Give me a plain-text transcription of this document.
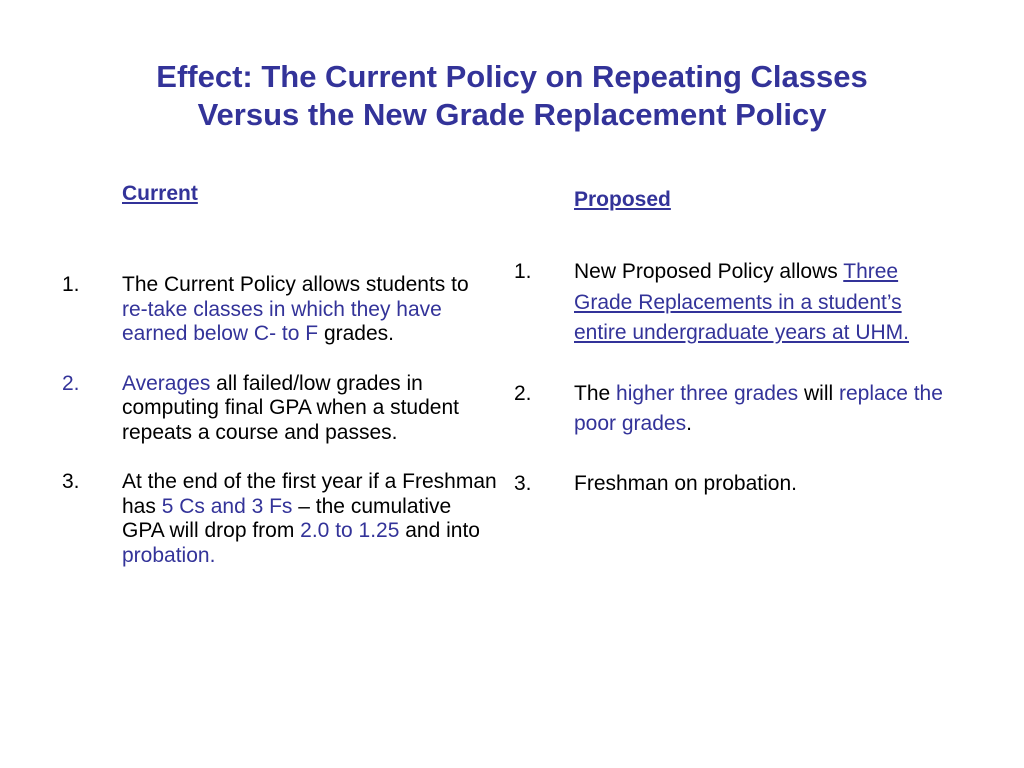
Effect: The Current Policy on Repeating Classes
Versus the New Grade Replacement Policy
Current
1. The Current Policy allows students to re-take classes in which they have earned below C- to F grades.
2. Averages all failed/low grades in computing final GPA when a student repeats a course and passes.
3. At the end of the first year if a Freshman has 5 Cs and 3 Fs – the cumulative GPA will drop from 2.0 to 1.25 and into probation.
Proposed
1. New Proposed Policy allows Three Grade Replacements in a student’s entire undergraduate years at UHM.
2. The higher three grades will replace the poor grades.
3. Freshman on probation.
